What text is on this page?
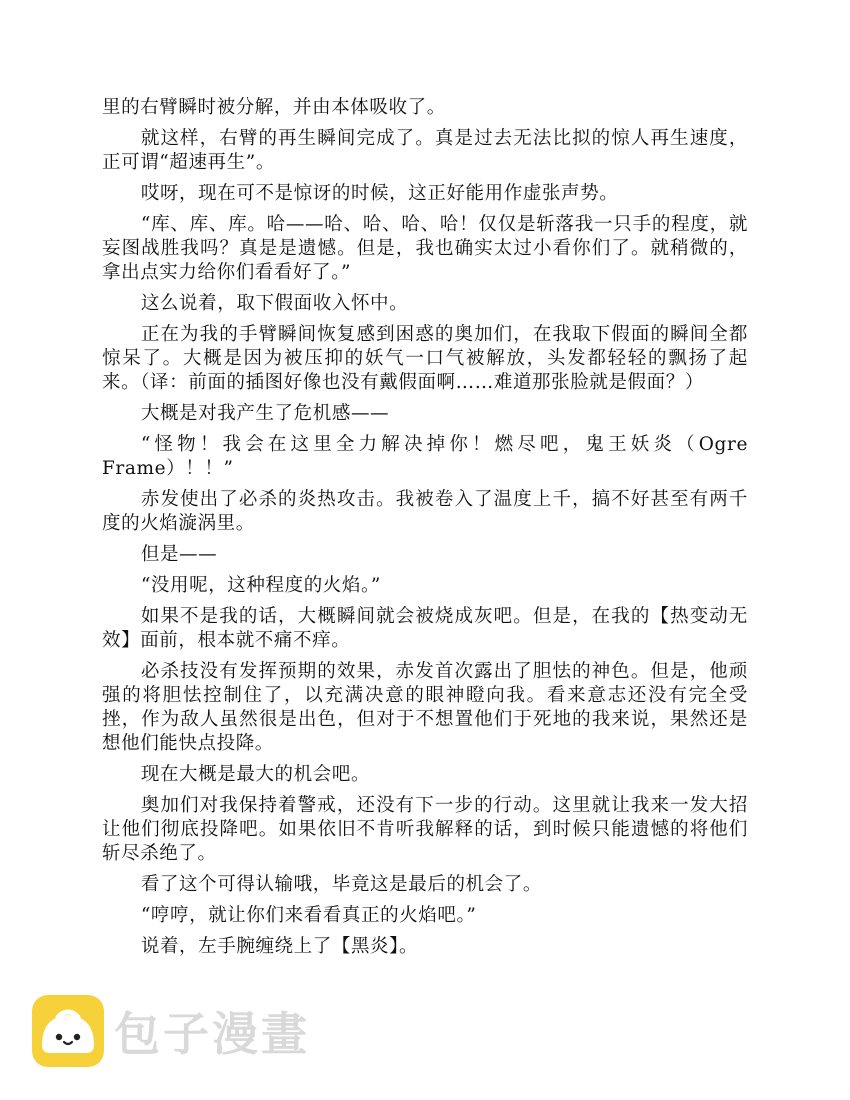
里的右臂瞬时被分解，并由本体吸收了。

就这样，右臂的再生瞬间完成了。真是过去无法比拟的惊人再生速度，正可谓“超速再生”。

哎呀，现在可不是惊讶的时候，这正好能用作虚张声势。

“库、库、库。哈——哈、哈、哈、哈！仅仅是斩落我一只手的程度，就妄图战胜我吗？真是是遗憾。但是，我也确实太过小看你们了。就稍微的，拿出点实力给你们看看好了。”

这么说着，取下假面收入怀中。

正在为我的手臂瞬间恢复感到困惑的奥加们，在我取下假面的瞬间全都惊呆了。大概是因为被压抑的妖气一口气被解放，头发都轻轻的飘扬了起来。（译：前面的插图好像也没有戴假面啊……难道那张脸就是假面？）

大概是对我产生了危机感——

“怪物！我会在这里全力解决掉你！燃尽吧，鬼王妖炎（Ogre Frame）！！”

赤发使出了必杀的炎热攻击。我被卷入了温度上千，搞不好甚至有两千度的火焰漩涡里。

但是——

“没用呢，这种程度的火焰。”

如果不是我的话，大概瞬间就会被烧成灰吧。但是，在我的【热变动无效】面前，根本就不痛不痒。

必杀技没有发挥预期的效果，赤发首次露出了胆怯的神色。但是，他顽强的将胆怯控制住了，以充满决意的眼神瞪向我。看来意志还没有完全受挫，作为敌人虽然很是出色，但对于不想置他们于死地的我来说，果然还是想他们能快点投降。

现在大概是最大的机会吧。

奥加们对我保持着警戒，还没有下一步的行动。这里就让我来一发大招让他们彻底投降吧。如果依旧不肯听我解释的话，到时候只能遗憾的将他们斩尽杀绝了。

看了这个可得认输哦，毕竟这是最后的机会了。

“哼哼，就让你们来看看真正的火焰吧。”

说着，左手腕缠绕上了【黑炎】。

包子漫畫
